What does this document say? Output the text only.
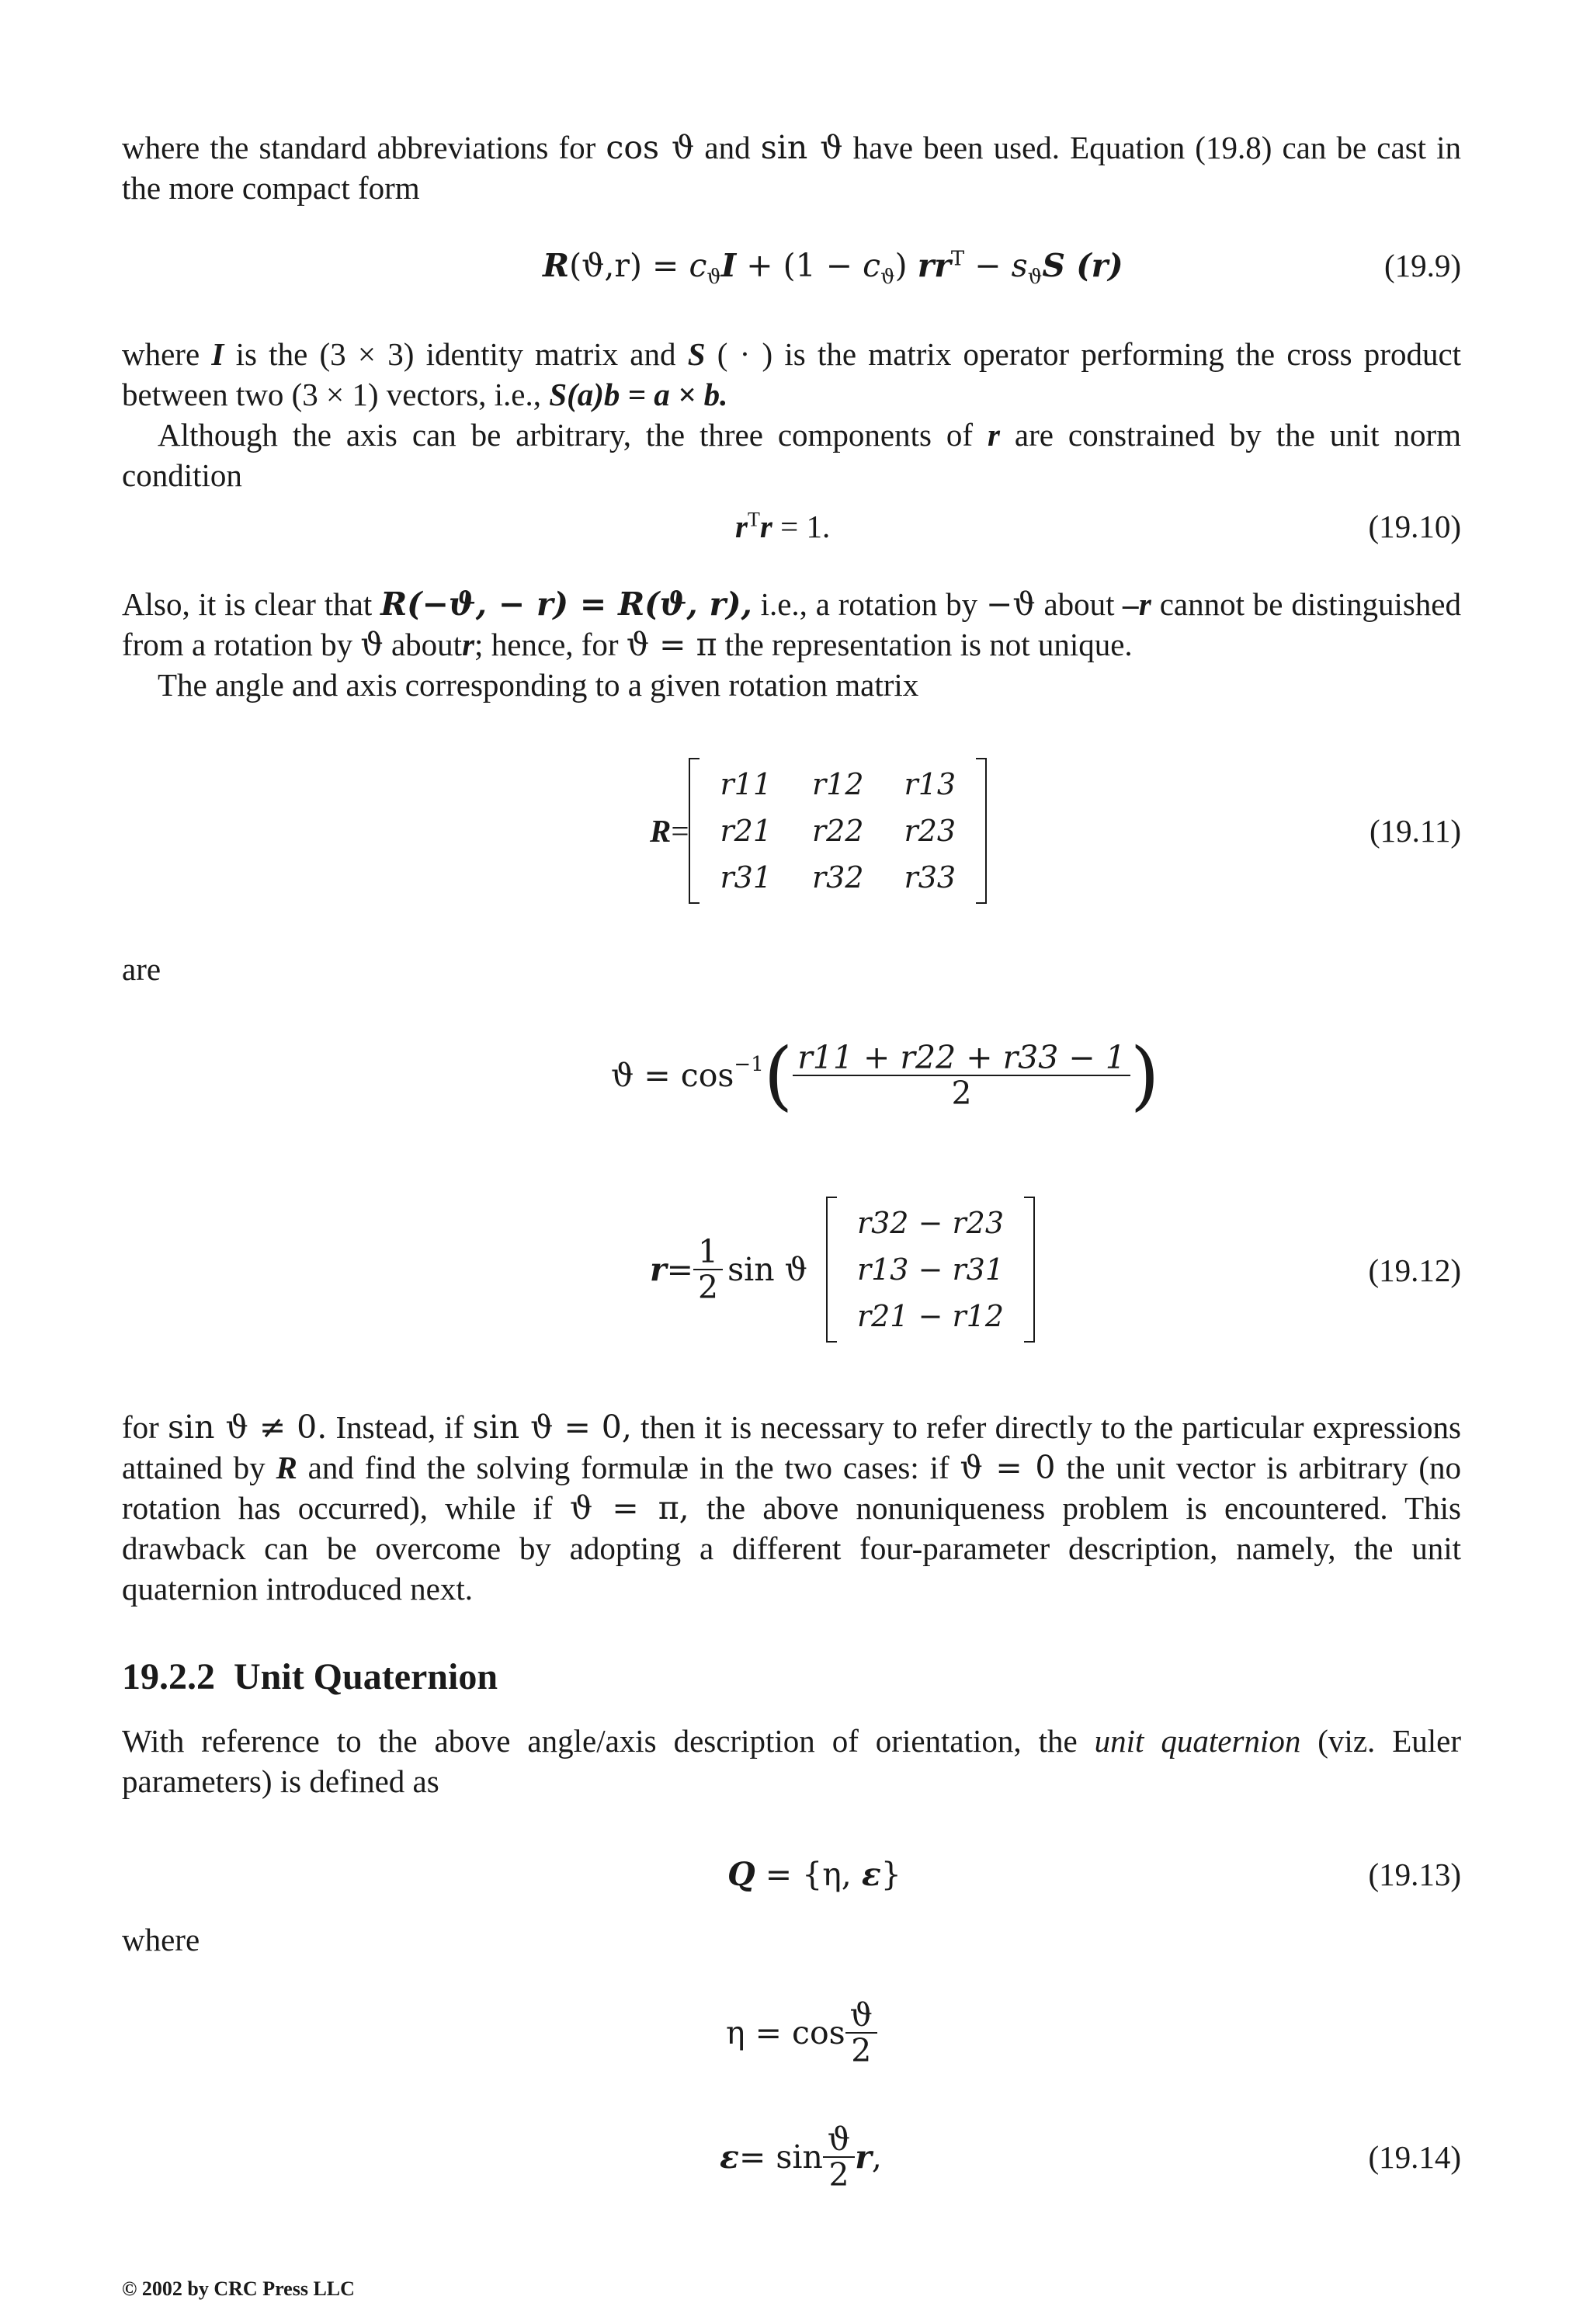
where the standard abbreviations for cos ϑ and sin ϑ have been used. Equation (19.8) can be cast in the more compact form

$R(ϑ,r) = c_ϑI + (1 - c_ϑ) rr^T - s_ϑS$ (r)	(19.9)

where I is the (3 × 3) identity matrix and S ( · ) is the matrix operator performing the cross product between two (3 × 1) vectors, i.e., S(a)b = a × b.

Although the axis can be arbitrary, the three components of r are constrained by the unit norm condition

$r^Tr = 1$.	(19.10)

Also, it is clear that R(−ϑ, − r) = R(ϑ, r), i.e., a rotation by −ϑ about –r cannot be distinguished from a rotation by ϑ aboutr; hence, for ϑ = π the representation is not unique.

The angle and axis corresponding to a given rotation matrix

R =
r11	r12	r13
r21	r22	r23
r31	r32	r33
(19.11)

are

$ϑ = \cos^{-1}$ ( $\frac{r11 + r22 + r33 - 1}{2}$ )
$r = \frac{1}{2}$ sin ϑ
r32 − r23
r13 − r31
r21 − r12
(19.12)

for sin ϑ ≠ 0. Instead, if sin ϑ = 0, then it is necessary to refer directly to the particular expressions attained by R and find the solving formulæ in the two cases: if ϑ = 0 the unit vector is arbitrary (no rotation has occurred), while if ϑ = π, the above nonuniqueness problem is encountered. This drawback can be overcome by adopting a different four-parameter description, namely, the unit quaternion introduced next.

19.2.2 Unit Quaternion

With reference to the above angle/axis description of orientation, the unit quaternion (viz. Euler parameters) is defined as

Q = {η, ε}	(19.13)

where

$\eta = \cos \frac{ϑ}{2}$
$\varepsilon = \sin \frac{ϑ}{2}$ r ,	(19.14)
© 2002 by CRC Press LLC
